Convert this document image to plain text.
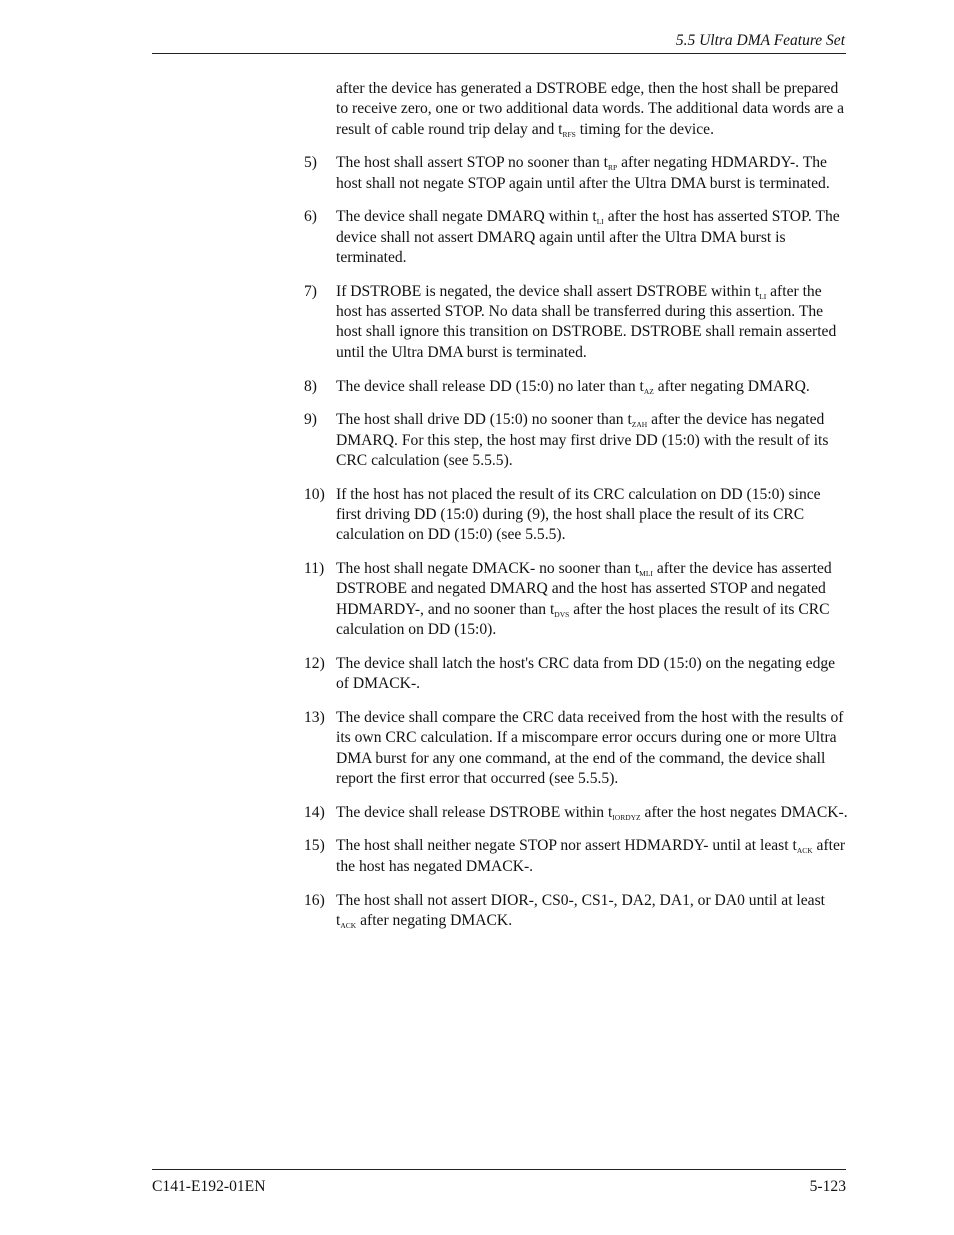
5.5 Ultra DMA Feature Set
after the device has generated a DSTROBE edge, then the host shall be prepared to receive zero, one or two additional data words. The additional data words are a result of cable round trip delay and $t_{RFS}$ timing for the device.
5)	The host shall assert STOP no sooner than $t_{RP}$ after negating HDMARDY-. The host shall not negate STOP again until after the Ultra DMA burst is terminated.
6)	The device shall negate DMARQ within $t_{LI}$ after the host has asserted STOP. The device shall not assert DMARQ again until after the Ultra DMA burst is terminated.
7)	If DSTROBE is negated, the device shall assert DSTROBE within $t_{LI}$ after the host has asserted STOP. No data shall be transferred during this assertion. The host shall ignore this transition on DSTROBE. DSTROBE shall remain asserted until the Ultra DMA burst is terminated.
8)	The device shall release DD (15:0) no later than $t_{AZ}$ after negating DMARQ.
9)	The host shall drive DD (15:0) no sooner than $t_{ZAH}$ after the device has negated DMARQ. For this step, the host may first drive DD (15:0) with the result of its CRC calculation (see 5.5.5).
10) If the host has not placed the result of its CRC calculation on DD (15:0) since first driving DD (15:0) during (9), the host shall place the result of its CRC calculation on DD (15:0) (see 5.5.5).
11) The host shall negate DMACK- no sooner than $t_{MLI}$ after the device has asserted DSTROBE and negated DMARQ and the host has asserted STOP and negated HDMARDY-, and no sooner than $t_{DVS}$ after the host places the result of its CRC calculation on DD (15:0).
12) The device shall latch the host's CRC data from DD (15:0) on the negating edge of DMACK-.
13) The device shall compare the CRC data received from the host with the results of its own CRC calculation. If a miscompare error occurs during one or more Ultra DMA burst for any one command, at the end of the command, the device shall report the first error that occurred (see 5.5.5).
14) The device shall release DSTROBE within $t_{IORDYZ}$ after the host negates DMACK-.
15) The host shall neither negate STOP nor assert HDMARDY- until at least $t_{ACK}$ after the host has negated DMACK-.
16) The host shall not assert DIOR-, CS0-, CS1-, DA2, DA1, or DA0 until at least $t_{ACK}$ after negating DMACK.
C141-E192-01EN	5-123
